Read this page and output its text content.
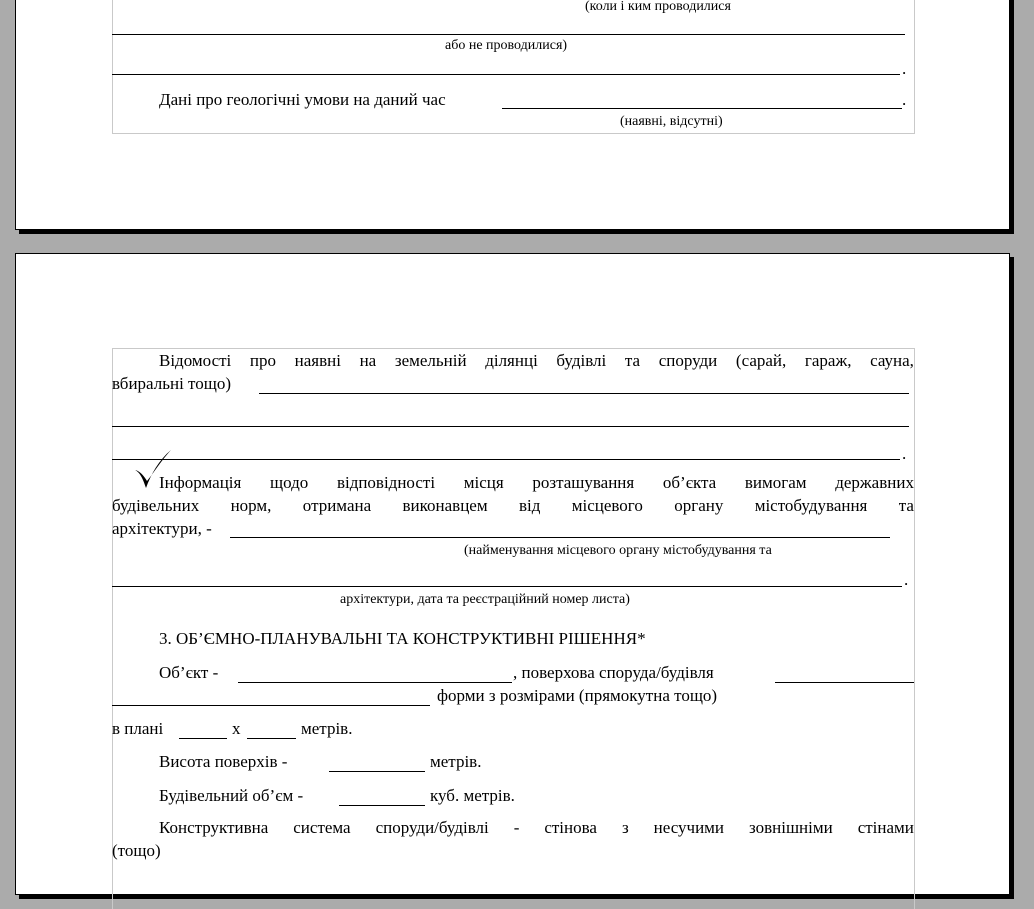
(коли і ким проводилися
або не проводилися)
.
Дані про геологічні умови на даний час	.
(наявні, відсутні)
Відомості про наявні на земельній ділянці будівлі та споруди (сарай, гараж, сауна,
вбиральні тощо)
.
Інформація щодо відповідності місця розташування об’єкта вимогам державних
будівельних норм, отримана виконавцем від місцевого органу містобудування та
архітектури, -
(найменування місцевого органу містобудування та
.
архітектури, дата та реєстраційний номер листа)
3. ОБ’ЄМНО-ПЛАНУВАЛЬНІ ТА КОНСТРУКТИВНІ РІШЕННЯ*
Об’єкт -	, поверхова споруда/будівля
форми з розмірами (прямокутна тощо)
в плані	х	метрів.
Висота поверхів -	метрів.
Будівельний об’єм -	куб. метрів.
Конструктивна система споруди/будівлі - стінова з несучими зовнішніми стінами
(тощо)
